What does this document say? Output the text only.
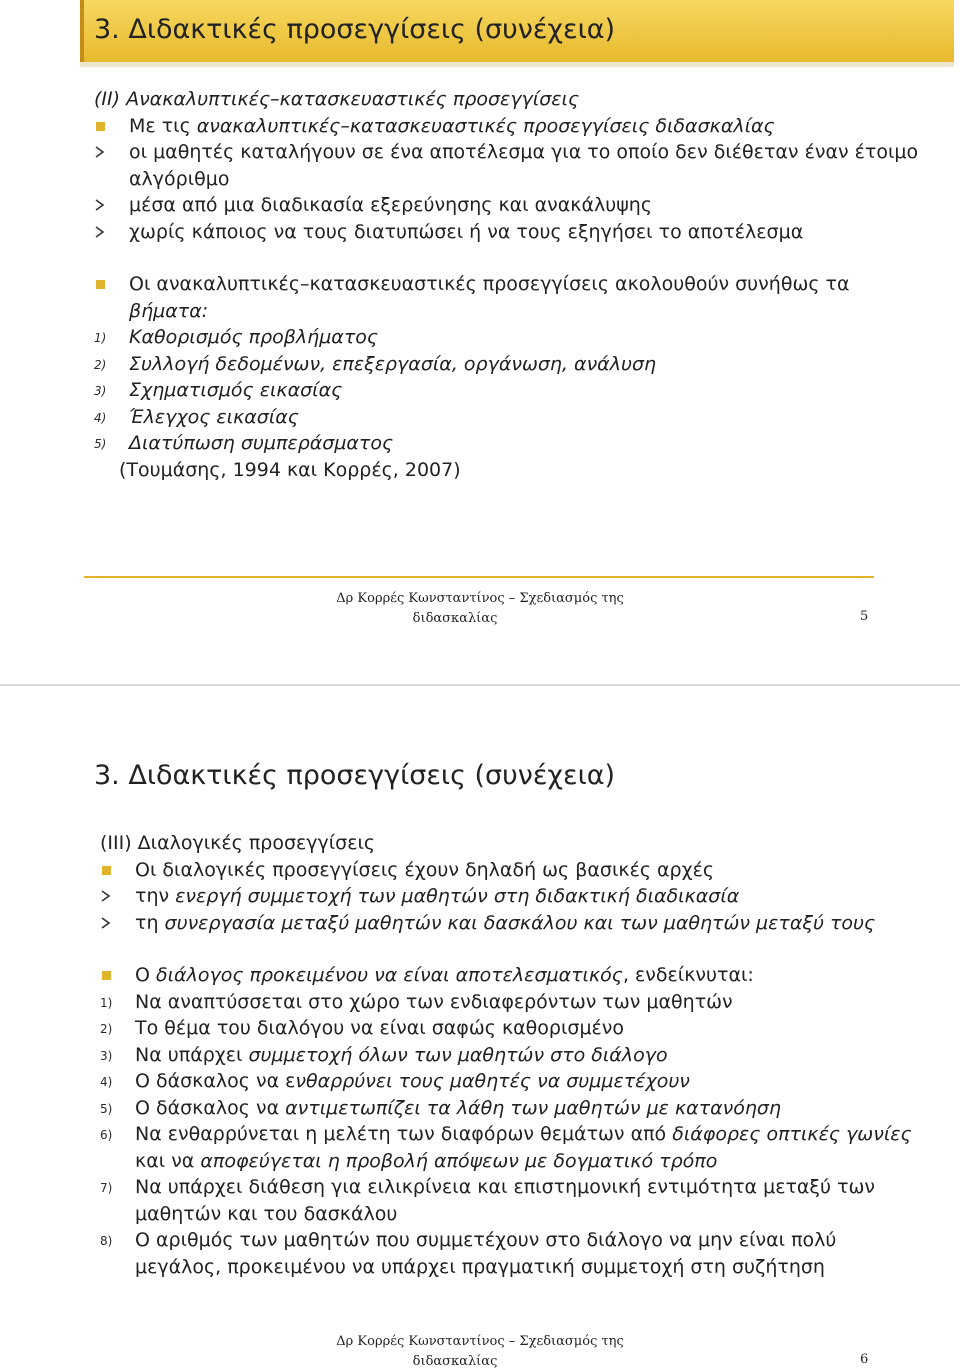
3. Διδακτικές προσεγγίσεις (συνέχεια)
(II) Ανακαλυπτικές–κατασκευαστικές προσεγγίσεις
Με τις ανακαλυπτικές–κατασκευαστικές προσεγγίσεις διδασκαλίας
οι μαθητές καταλήγουν σε ένα αποτέλεσμα για το οποίο δεν διέθεταν έναν έτοιμο αλγόριθμο
μέσα από μια διαδικασία εξερεύνησης και ανακάλυψης
χωρίς κάποιος να τους διατυπώσει ή να τους εξηγήσει το αποτέλεσμα
Οι ανακαλυπτικές–κατασκευαστικές προσεγγίσεις ακολουθούν συνήθως τα βήματα:
1)	Καθορισμός προβλήματος
2)	Συλλογή δεδομένων, επεξεργασία, οργάνωση, ανάλυση
3)	Σχηματισμός εικασίας
4)	Έλεγχος εικασίας
5)	Διατύπωση συμπεράσματος
(Τουμάσης, 1994 και Κορρές, 2007)
Δρ Κορρές Κωνσταντίνος – Σχεδιασμός της
διδασκαλίας	5
3. Διδακτικές προσεγγίσεις (συνέχεια)
(III) Διαλογικές προσεγγίσεις
Οι διαλογικές προσεγγίσεις έχουν δηλαδή ως βασικές αρχές
την ενεργή συμμετοχή των μαθητών στη διδακτική διαδικασία
τη συνεργασία μεταξύ μαθητών και δασκάλου και των μαθητών μεταξύ τους
Ο διάλογος προκειμένου να είναι αποτελεσματικός, ενδείκνυται:
1)	Να αναπτύσσεται στο χώρο των ενδιαφερόντων των μαθητών
2)	Το θέμα του διαλόγου να είναι σαφώς καθορισμένο
3)	Να υπάρχει συμμετοχή όλων των μαθητών στο διάλογο
4)	Ο δάσκαλος να ενθαρρύνει τους μαθητές να συμμετέχουν
5)	Ο δάσκαλος να αντιμετωπίζει τα λάθη των μαθητών με κατανόηση
6)	Να ενθαρρύνεται η μελέτη των διαφόρων θεμάτων από διάφορες οπτικές γωνίες και να αποφεύγεται η προβολή απόψεων με δογματικό τρόπο
7)	Να υπάρχει διάθεση για ειλικρίνεια και επιστημονική εντιμότητα μεταξύ των μαθητών και του δασκάλου
8)	Ο αριθμός των μαθητών που συμμετέχουν στο διάλογο να μην είναι πολύ μεγάλος, προκειμένου να υπάρχει πραγματική συμμετοχή στη συζήτηση
Δρ Κορρές Κωνσταντίνος – Σχεδιασμός της
διδασκαλίας	6
